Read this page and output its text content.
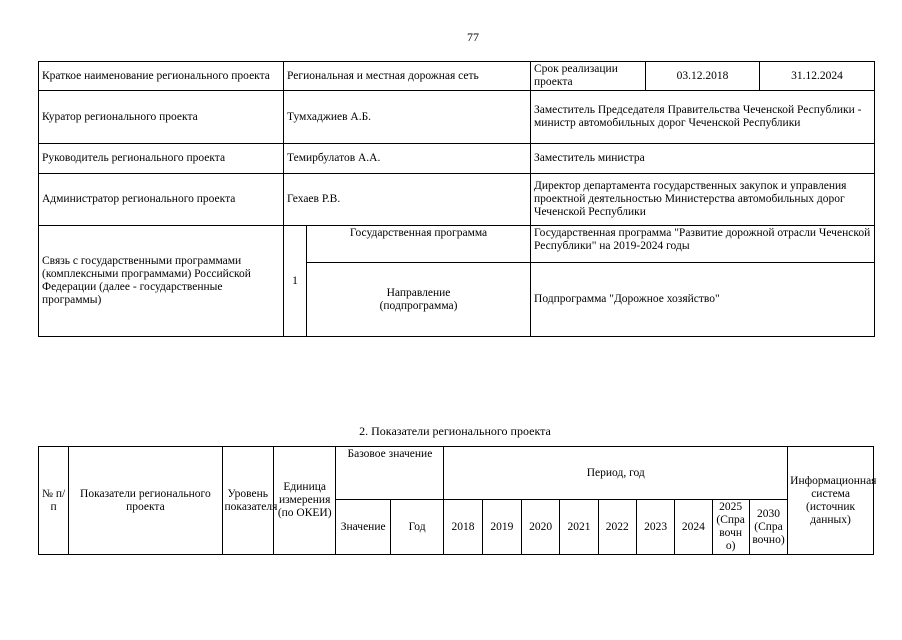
77
Краткое наименование регионального проекта	Региональная и местная дорожная сеть		Срок реализации проекта	03.12.2018	31.12.2024
Куратор регионального проекта	Тумхаджиев А.Б.		Заместитель Председателя Правительства Чеченской Республики - министр автомобильных дорог Чеченской Республики		
Руководитель регионального проекта	Темирбулатов А.А.		Заместитель министра		
Администратор регионального проекта	Гехаев Р.В.		Директор департамента государственных закупок и управления проектной деятельностью Министерства автомобильных дорог Чеченской Республики		
Связь с государственными программами (комплексными программами) Российской Федерации (далее - государственные программы)	1	Государственная программа	Государственная программа "Развитие дорожной отрасли Чеченской Республики" на 2019-2024 годы		
		Направление (подпрограмма)	Подпрограмма "Дорожное хозяйство"		
2. Показатели регионального проекта
№ п/п	Показатели регионального проекта	Уровень показателя	Единица измерения (по ОКЕИ)	Базовое значение		Период, год									Информационная система (источник данных)
				Значение	Год	2018	2019	2020	2021	2022	2023	2024	2025 (Справочно)	2030 (Справочно)	
